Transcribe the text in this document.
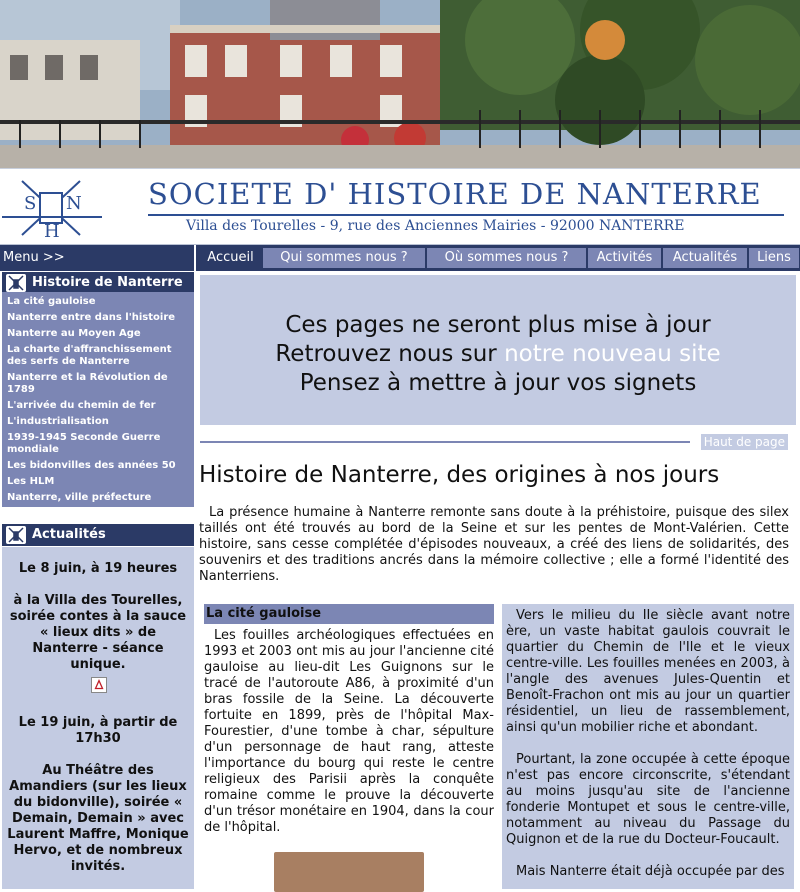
S N
H
SOCIETE D' HISTOIRE DE NANTERRE
Villa des Tourelles - 9, rue des Anciennes Mairies - 92000 NANTERRE
Menu >>	Accueil	Qui sommes nous ?	Où sommes nous ?	Activités	Actualités	Liens
Histoire de Nanterre
La cité gauloise
Nanterre entre dans l'histoire
Nanterre au Moyen Age
La charte d'affranchissement des serfs de Nanterre
Nanterre et la Révolution de 1789
L'arrivée du chemin de fer
L'industrialisation
1939-1945 Seconde Guerre mondiale
Les bidonvilles des années 50
Les HLM
Nanterre, ville préfecture
Actualités
Le 8 juin, à 19 heures
à la Villa des Tourelles, soirée contes à la sauce « lieux dits » de Nanterre - séance unique.
Le 19 juin, à partir de 17h30
Au Théâtre des Amandiers (sur les lieux du bidonville), soirée « Demain, Demain » avec Laurent Maffre, Monique Hervo, et de nombreux invités.
Ces pages ne seront plus mise à jour
Retrouvez nous sur notre nouveau site
Pensez à mettre à jour vos signets
Haut de page
Histoire de Nanterre, des origines à nos jours

La présence humaine à Nanterre remonte sans doute à la préhistoire, puisque des silex taillés ont été trouvés au bord de la Seine et sur les pentes de Mont-Valérien. Cette histoire, sans cesse complétée d'épisodes nouveaux, a créé des liens de solidarités, des souvenirs et des traditions ancrés dans la mémoire collective ; elle a formé l'identité des Nanterriens.

La cité gauloise

Les fouilles archéologiques effectuées en 1993 et 2003 ont mis au jour l'ancienne cité gauloise au lieu-dit Les Guignons sur le tracé de l'autoroute A86, à proximité d'un bras fossile de la Seine. La découverte fortuite en 1899, près de l'hôpital Max-Fourestier, d'une tombe à char, sépulture d'un personnage de haut rang, atteste l'importance du bourg qui reste le centre religieux des Parisii après la conquête romaine comme le prouve la découverte d'un trésor monétaire en 1904, dans la cour de l'hôpital.

Vers le milieu du IIe siècle avant notre ère, un vaste habitat gaulois couvrait le quartier du Chemin de l'Ile et le vieux centre-ville. Les fouilles menées en 2003, à l'angle des avenues Jules-Quentin et Benoît-Frachon ont mis au jour un quartier résidentiel, un lieu de rassemblement, ainsi qu'un mobilier riche et abondant.

Pourtant, la zone occupée à cette époque n'est pas encore circonscrite, s'étendant au moins jusqu'au site de l'ancienne fonderie Montupet et sous le centre-ville, notamment au niveau du Passage du Quignon et de la rue du Docteur-Foucault.

Mais Nanterre était déjà occupée par des
